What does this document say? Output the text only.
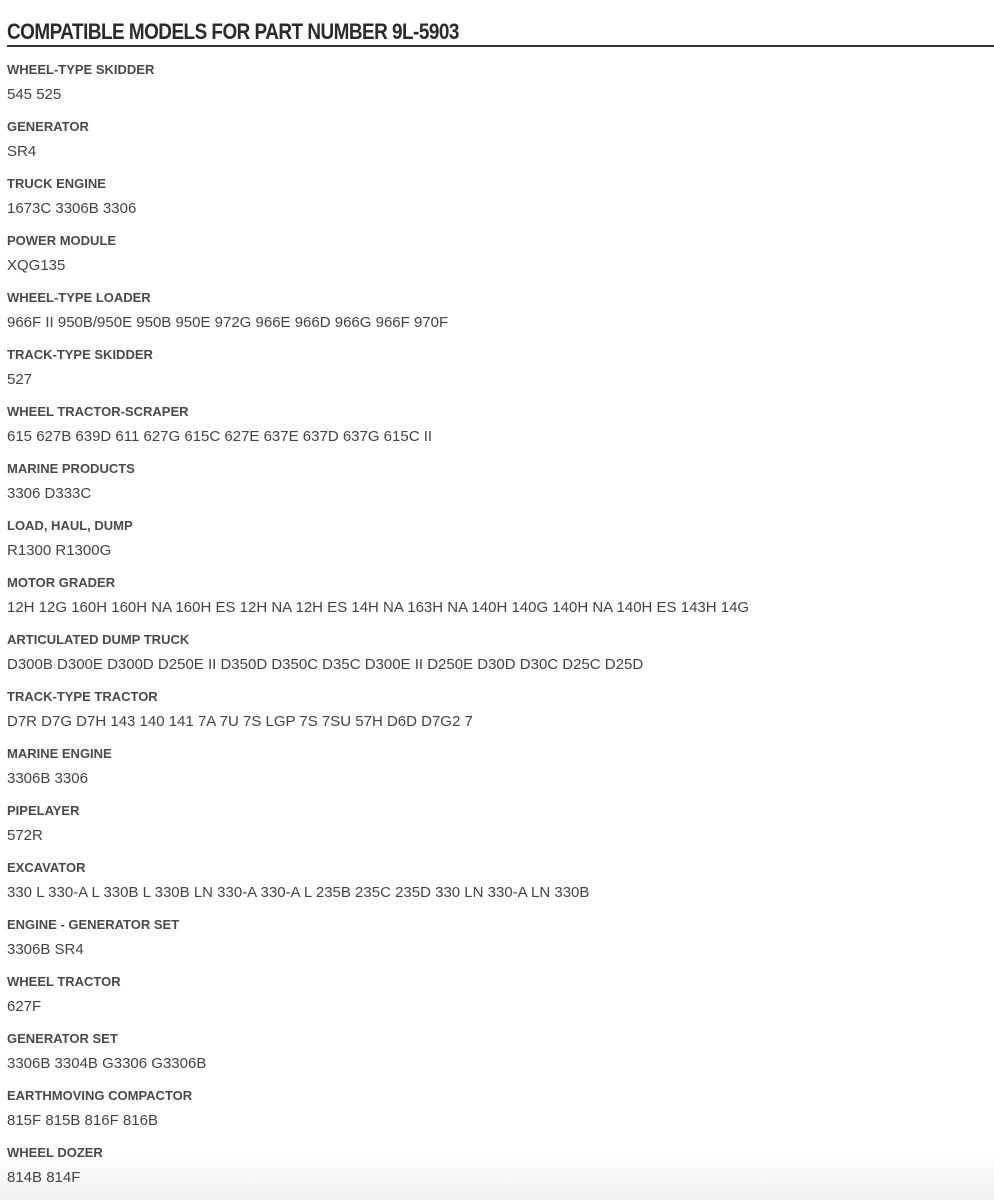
COMPATIBLE MODELS FOR PART NUMBER 9L-5903
WHEEL-TYPE SKIDDER
545 525
GENERATOR
SR4
TRUCK ENGINE
1673C 3306B 3306
POWER MODULE
XQG135
WHEEL-TYPE LOADER
966F II 950B/950E 950B 950E 972G 966E 966D 966G 966F 970F
TRACK-TYPE SKIDDER
527
WHEEL TRACTOR-SCRAPER
615 627B 639D 611 627G 615C 627E 637E 637D 637G 615C II
MARINE PRODUCTS
3306 D333C
LOAD, HAUL, DUMP
R1300 R1300G
MOTOR GRADER
12H 12G 160H 160H NA 160H ES 12H NA 12H ES 14H NA 163H NA 140H 140G 140H NA 140H ES 143H 14G
ARTICULATED DUMP TRUCK
D300B D300E D300D D250E II D350D D350C D35C D300E II D250E D30D D30C D25C D25D
TRACK-TYPE TRACTOR
D7R D7G D7H 143 140 141 7A 7U 7S LGP 7S 7SU 57H D6D D7G2 7
MARINE ENGINE
3306B 3306
PIPELAYER
572R
EXCAVATOR
330 L 330-A L 330B L 330B LN 330-A 330-A L 235B 235C 235D 330 LN 330-A LN 330B
ENGINE - GENERATOR SET
3306B SR4
WHEEL TRACTOR
627F
GENERATOR SET
3306B 3304B G3306 G3306B
EARTHMOVING COMPACTOR
815F 815B 816F 816B
WHEEL DOZER
814B 814F
